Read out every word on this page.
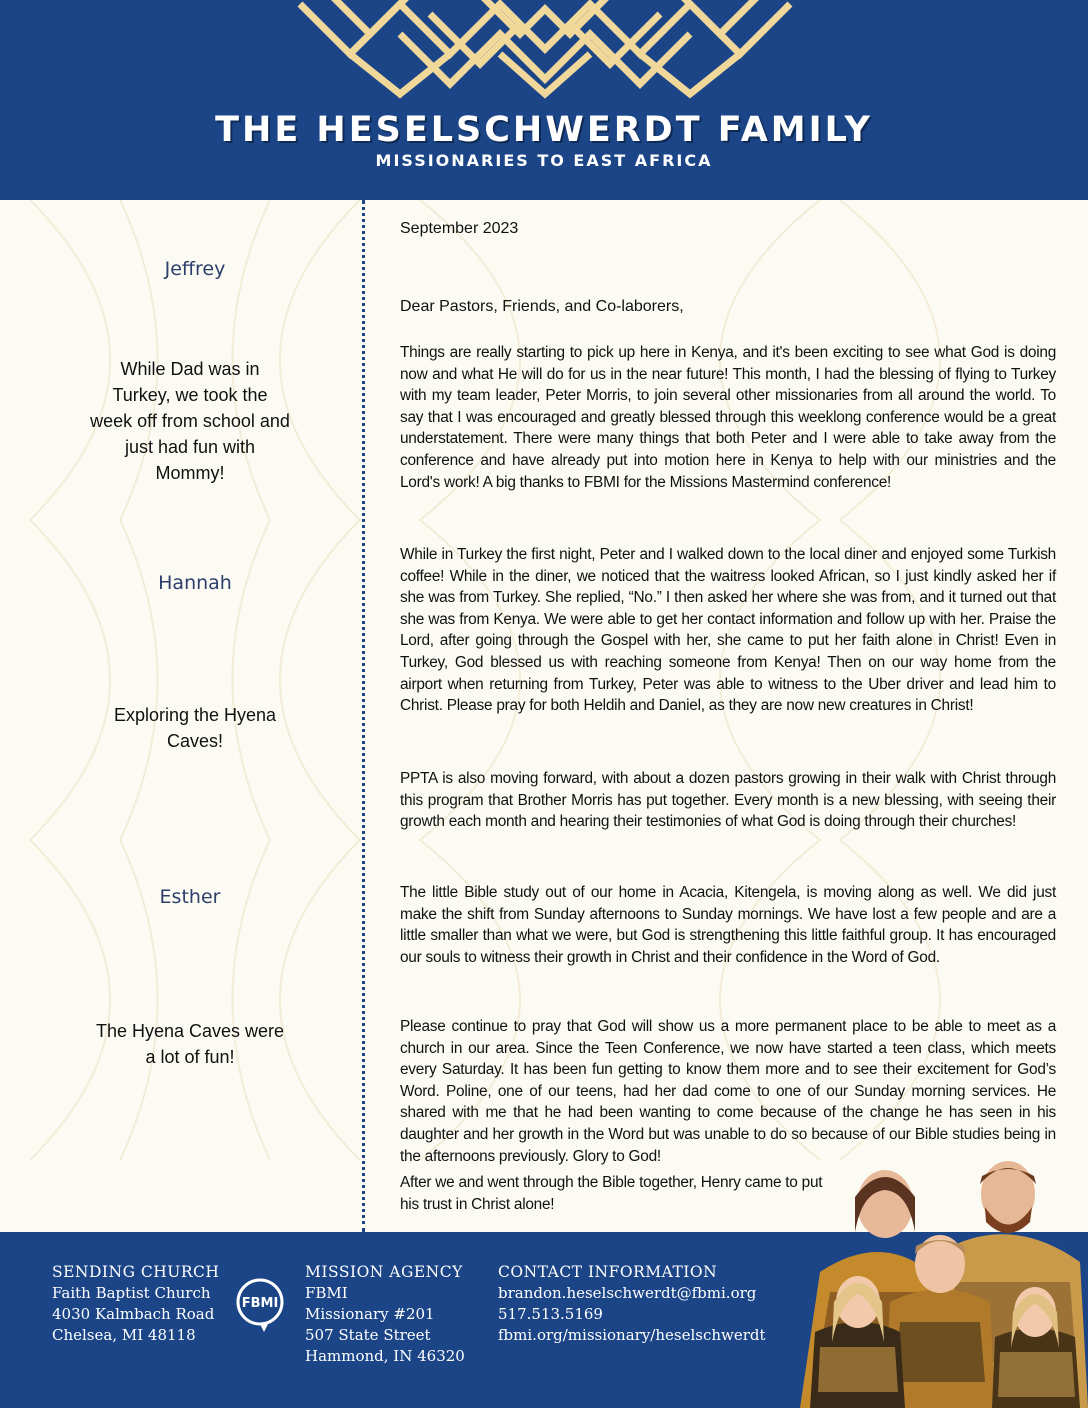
THE HESELSCHWERDT FAMILY
MISSIONARIES TO EAST AFRICA
Jeffrey
While Dad was in Turkey, we took the week off from school and just had fun with Mommy!
Hannah
Exploring the Hyena Caves!
Esther
The Hyena Caves were a lot of fun!
September 2023
Dear Pastors, Friends, and Co-laborers,

Things are really starting to pick up here in Kenya, and it's been exciting to see what God is doing now and what He will do for us in the near future! This month, I had the blessing of flying to Turkey with my team leader, Peter Morris, to join several other missionaries from all around the world. To say that I was encouraged and greatly blessed through this weeklong conference would be a great understatement. There were many things that both Peter and I were able to take away from the conference and have already put into motion here in Kenya to help with our ministries and the Lord's work! A big thanks to FBMI for the Missions Mastermind conference!

While in Turkey the first night, Peter and I walked down to the local diner and enjoyed some Turkish coffee! While in the diner, we noticed that the waitress looked African, so I just kindly asked her if she was from Turkey. She replied, “No.” I then asked her where she was from, and it turned out that she was from Kenya. We were able to get her contact information and follow up with her. Praise the Lord, after going through the Gospel with her, she came to put her faith alone in Christ! Even in Turkey, God blessed us with reaching someone from Kenya! Then on our way home from the airport when returning from Turkey, Peter was able to witness to the Uber driver and lead him to Christ. Please pray for both Heldih and Daniel, as they are now new creatures in Christ!

PPTA is also moving forward, with about a dozen pastors growing in their walk with Christ through this program that Brother Morris has put together. Every month is a new blessing, with seeing their growth each month and hearing their testimonies of what God is doing through their churches!

The little Bible study out of our home in Acacia, Kitengela, is moving along as well. We did just make the shift from Sunday afternoons to Sunday mornings. We have lost a few people and are a little smaller than what we were, but God is strengthening this little faithful group. It has encouraged our souls to witness their growth in Christ and their confidence in the Word of God.

Please continue to pray that God will show us a more permanent place to be able to meet as a church in our area. Since the Teen Conference, we now have started a teen class, which meets every Saturday. It has been fun getting to know them more and to see their excitement for God’s Word. Poline, one of our teens, had her dad come to one of our Sunday morning services. He shared with me that he had been wanting to come because of the change he has seen in his daughter and her growth in the Word but was unable to do so because of our Bible studies being in the afternoons previously. Glory to God!

After we and went through the Bible together, Henry came to put his trust in Christ alone!

SENDING CHURCH
Faith Baptist Church
4030 Kalmbach Road
Chelsea, MI 48118
FBMI
MISSION AGENCY
FBMI
Missionary #201
507 State Street
Hammond, IN 46320
CONTACT INFORMATION
brandon.heselschwerdt@fbmi.org
517.513.5169
fbmi.org/missionary/heselschwerdt
